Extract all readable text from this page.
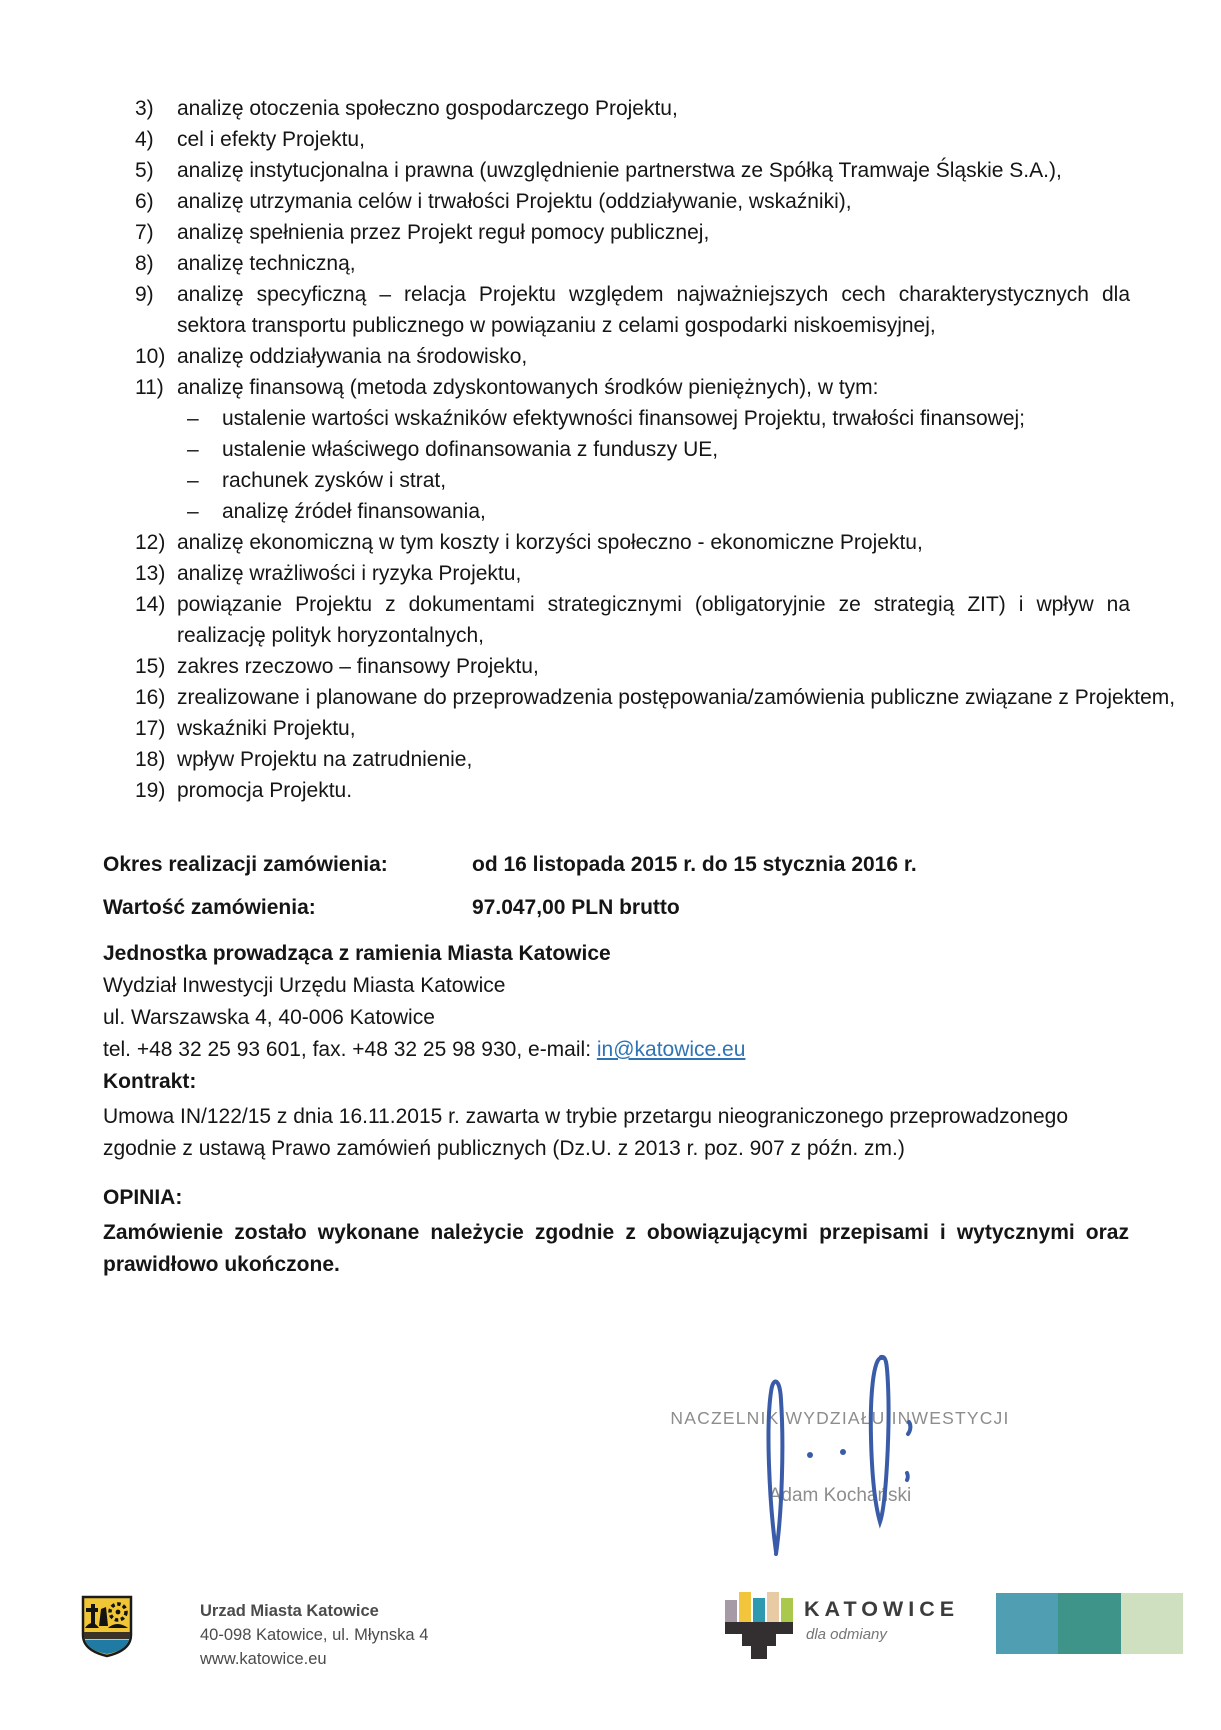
3) analizę otoczenia społeczno gospodarczego Projektu,
4) cel i efekty Projektu,
5) analizę instytucjonalna i prawna (uwzględnienie partnerstwa ze Spółką Tramwaje Śląskie S.A.),
6) analizę utrzymania celów i trwałości Projektu (oddziaływanie, wskaźniki),
7) analizę spełnienia przez Projekt reguł pomocy publicznej,
8) analizę techniczną,
9) analizę specyficzną – relacja Projektu względem najważniejszych cech charakterystycznych dla sektora transportu publicznego w powiązaniu z celami gospodarki niskoemisyjnej,
10) analizę oddziaływania na środowisko,
11) analizę finansową (metoda zdyskontowanych środków pieniężnych), w tym:
– ustalenie wartości wskaźników efektywności finansowej Projektu, trwałości finansowej;
– ustalenie właściwego dofinansowania z funduszy UE,
– rachunek zysków i strat,
– analizę źródeł finansowania,
12) analizę ekonomiczną w tym koszty i korzyści społeczno - ekonomiczne Projektu,
13) analizę wrażliwości i ryzyka Projektu,
14) powiązanie Projektu z dokumentami strategicznymi (obligatoryjnie ze strategią ZIT) i wpływ na realizację polityk horyzontalnych,
15) zakres rzeczowo – finansowy Projektu,
16) zrealizowane i planowane do przeprowadzenia postępowania/zamówienia publiczne związane z Projektem,
17) wskaźniki Projektu,
18) wpływ Projektu na zatrudnienie,
19) promocja Projektu.
Okres realizacji zamówienia:	od 16 listopada 2015 r. do 15 stycznia 2016 r.
Wartość zamówienia:	97.047,00 PLN brutto
Jednostka prowadząca z ramienia Miasta Katowice
Wydział Inwestycji Urzędu Miasta Katowice
ul. Warszawska 4, 40-006 Katowice
tel. +48 32 25 93 601, fax. +48 32 25 98 930, e-mail: in@katowice.eu
Kontrakt:
Umowa IN/122/15 z dnia 16.11.2015 r. zawarta w trybie przetargu nieograniczonego przeprowadzonego zgodnie z ustawą Prawo zamówień publicznych (Dz.U. z 2013 r. poz. 907 z późn. zm.)
OPINIA:
Zamówienie zostało wykonane należycie zgodnie z obowiązującymi przepisami i wytycznymi oraz prawidłowo ukończone.
NACZELNIK WYDZIAŁU INWESTYCJI
Adam Kochański
Urzad Miasta Katowice
40-098 Katowice, ul. Młynska 4
www.katowice.eu
KATOWICE
dla odmiany
